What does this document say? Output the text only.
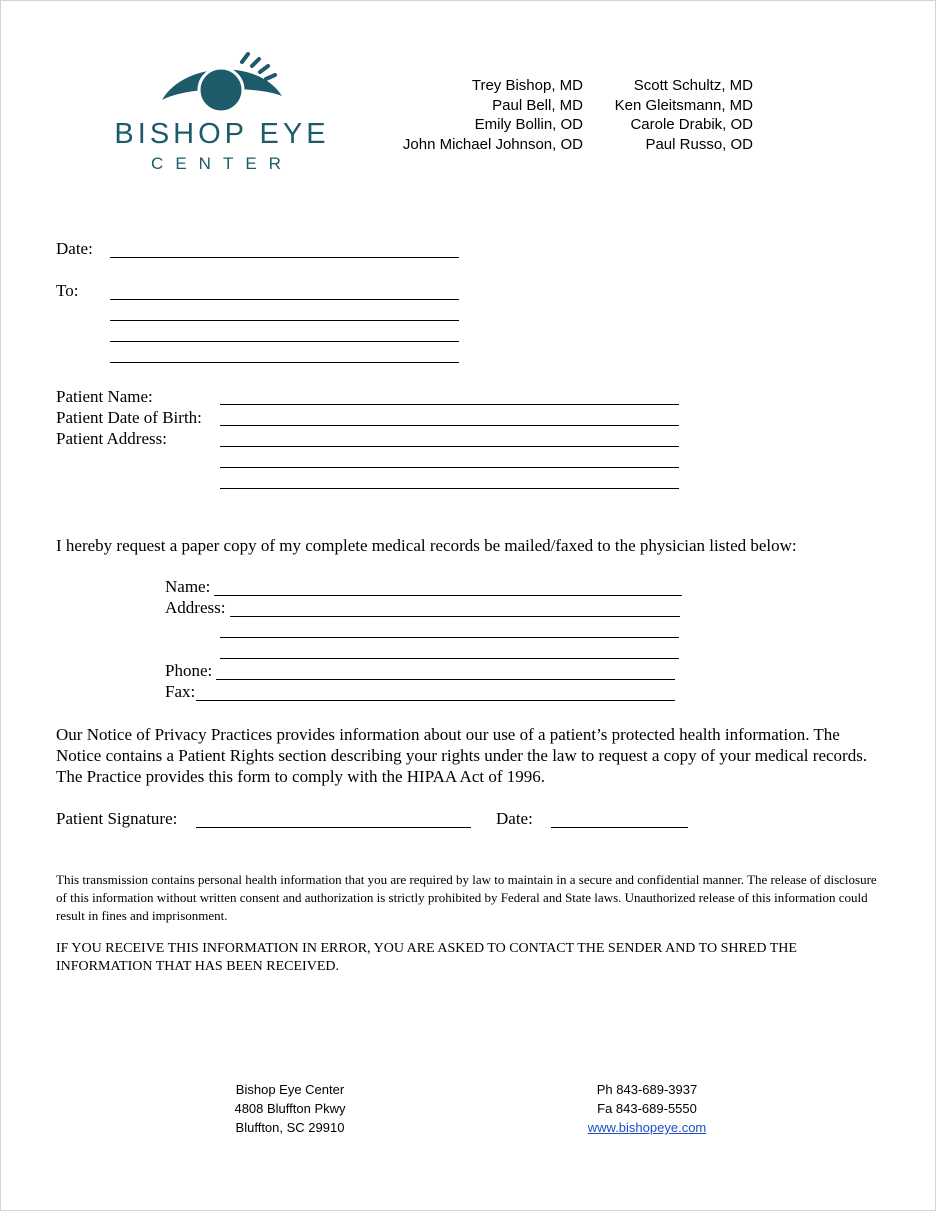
BISHOP EYE
CENTER
Trey Bishop, MD
Paul Bell, MD
Emily Bollin, OD
John Michael Johnson, OD
Scott Schultz, MD
Ken Gleitsmann, MD
Carole Drabik, OD
Paul Russo, OD
Date:
To:
Patient Name:
Patient Date of Birth:
Patient Address:
I hereby request a paper copy of my complete medical records be mailed/faxed to the physician listed below:
Name:
Address:
Phone:
Fax:
Our Notice of Privacy Practices provides information about our use of a patient’s protected health information. The Notice contains a Patient Rights section describing your rights under the law to request a copy of your medical records. The Practice provides this form to comply with the HIPAA Act of 1996.
Patient Signature:	Date:
This transmission contains personal health information that you are required by law to maintain in a secure and confidential manner. The release of disclosure of this information without written consent and authorization is strictly prohibited by Federal and State laws. Unauthorized release of this information could result in fines and imprisonment.
IF YOU RECEIVE THIS INFORMATION IN ERROR, YOU ARE ASKED TO CONTACT THE SENDER AND TO SHRED THE INFORMATION THAT HAS BEEN RECEIVED.
Bishop Eye Center
4808 Bluffton Pkwy
Bluffton, SC 29910
Ph 843-689-3937
Fa 843-689-5550
www.bishopeye.com
